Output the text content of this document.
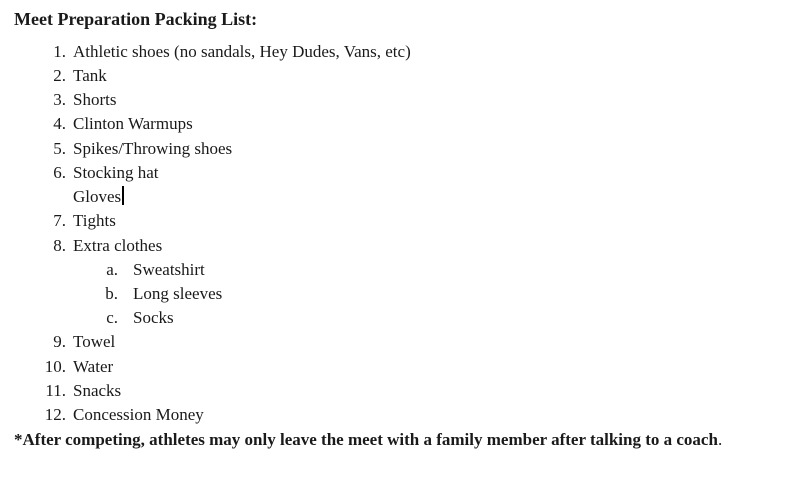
Meet Preparation Packing List:
1. Athletic shoes (no sandals, Hey Dudes, Vans, etc)
2. Tank
3. Shorts
4. Clinton Warmups
5. Spikes/Throwing shoes
6. Stocking hat
Gloves
7. Tights
8. Extra clothes
a. Sweatshirt
b. Long sleeves
c. Socks
9. Towel
10. Water
11. Snacks
12. Concession Money
*After competing, athletes may only leave the meet with a family member after talking to a coach.
